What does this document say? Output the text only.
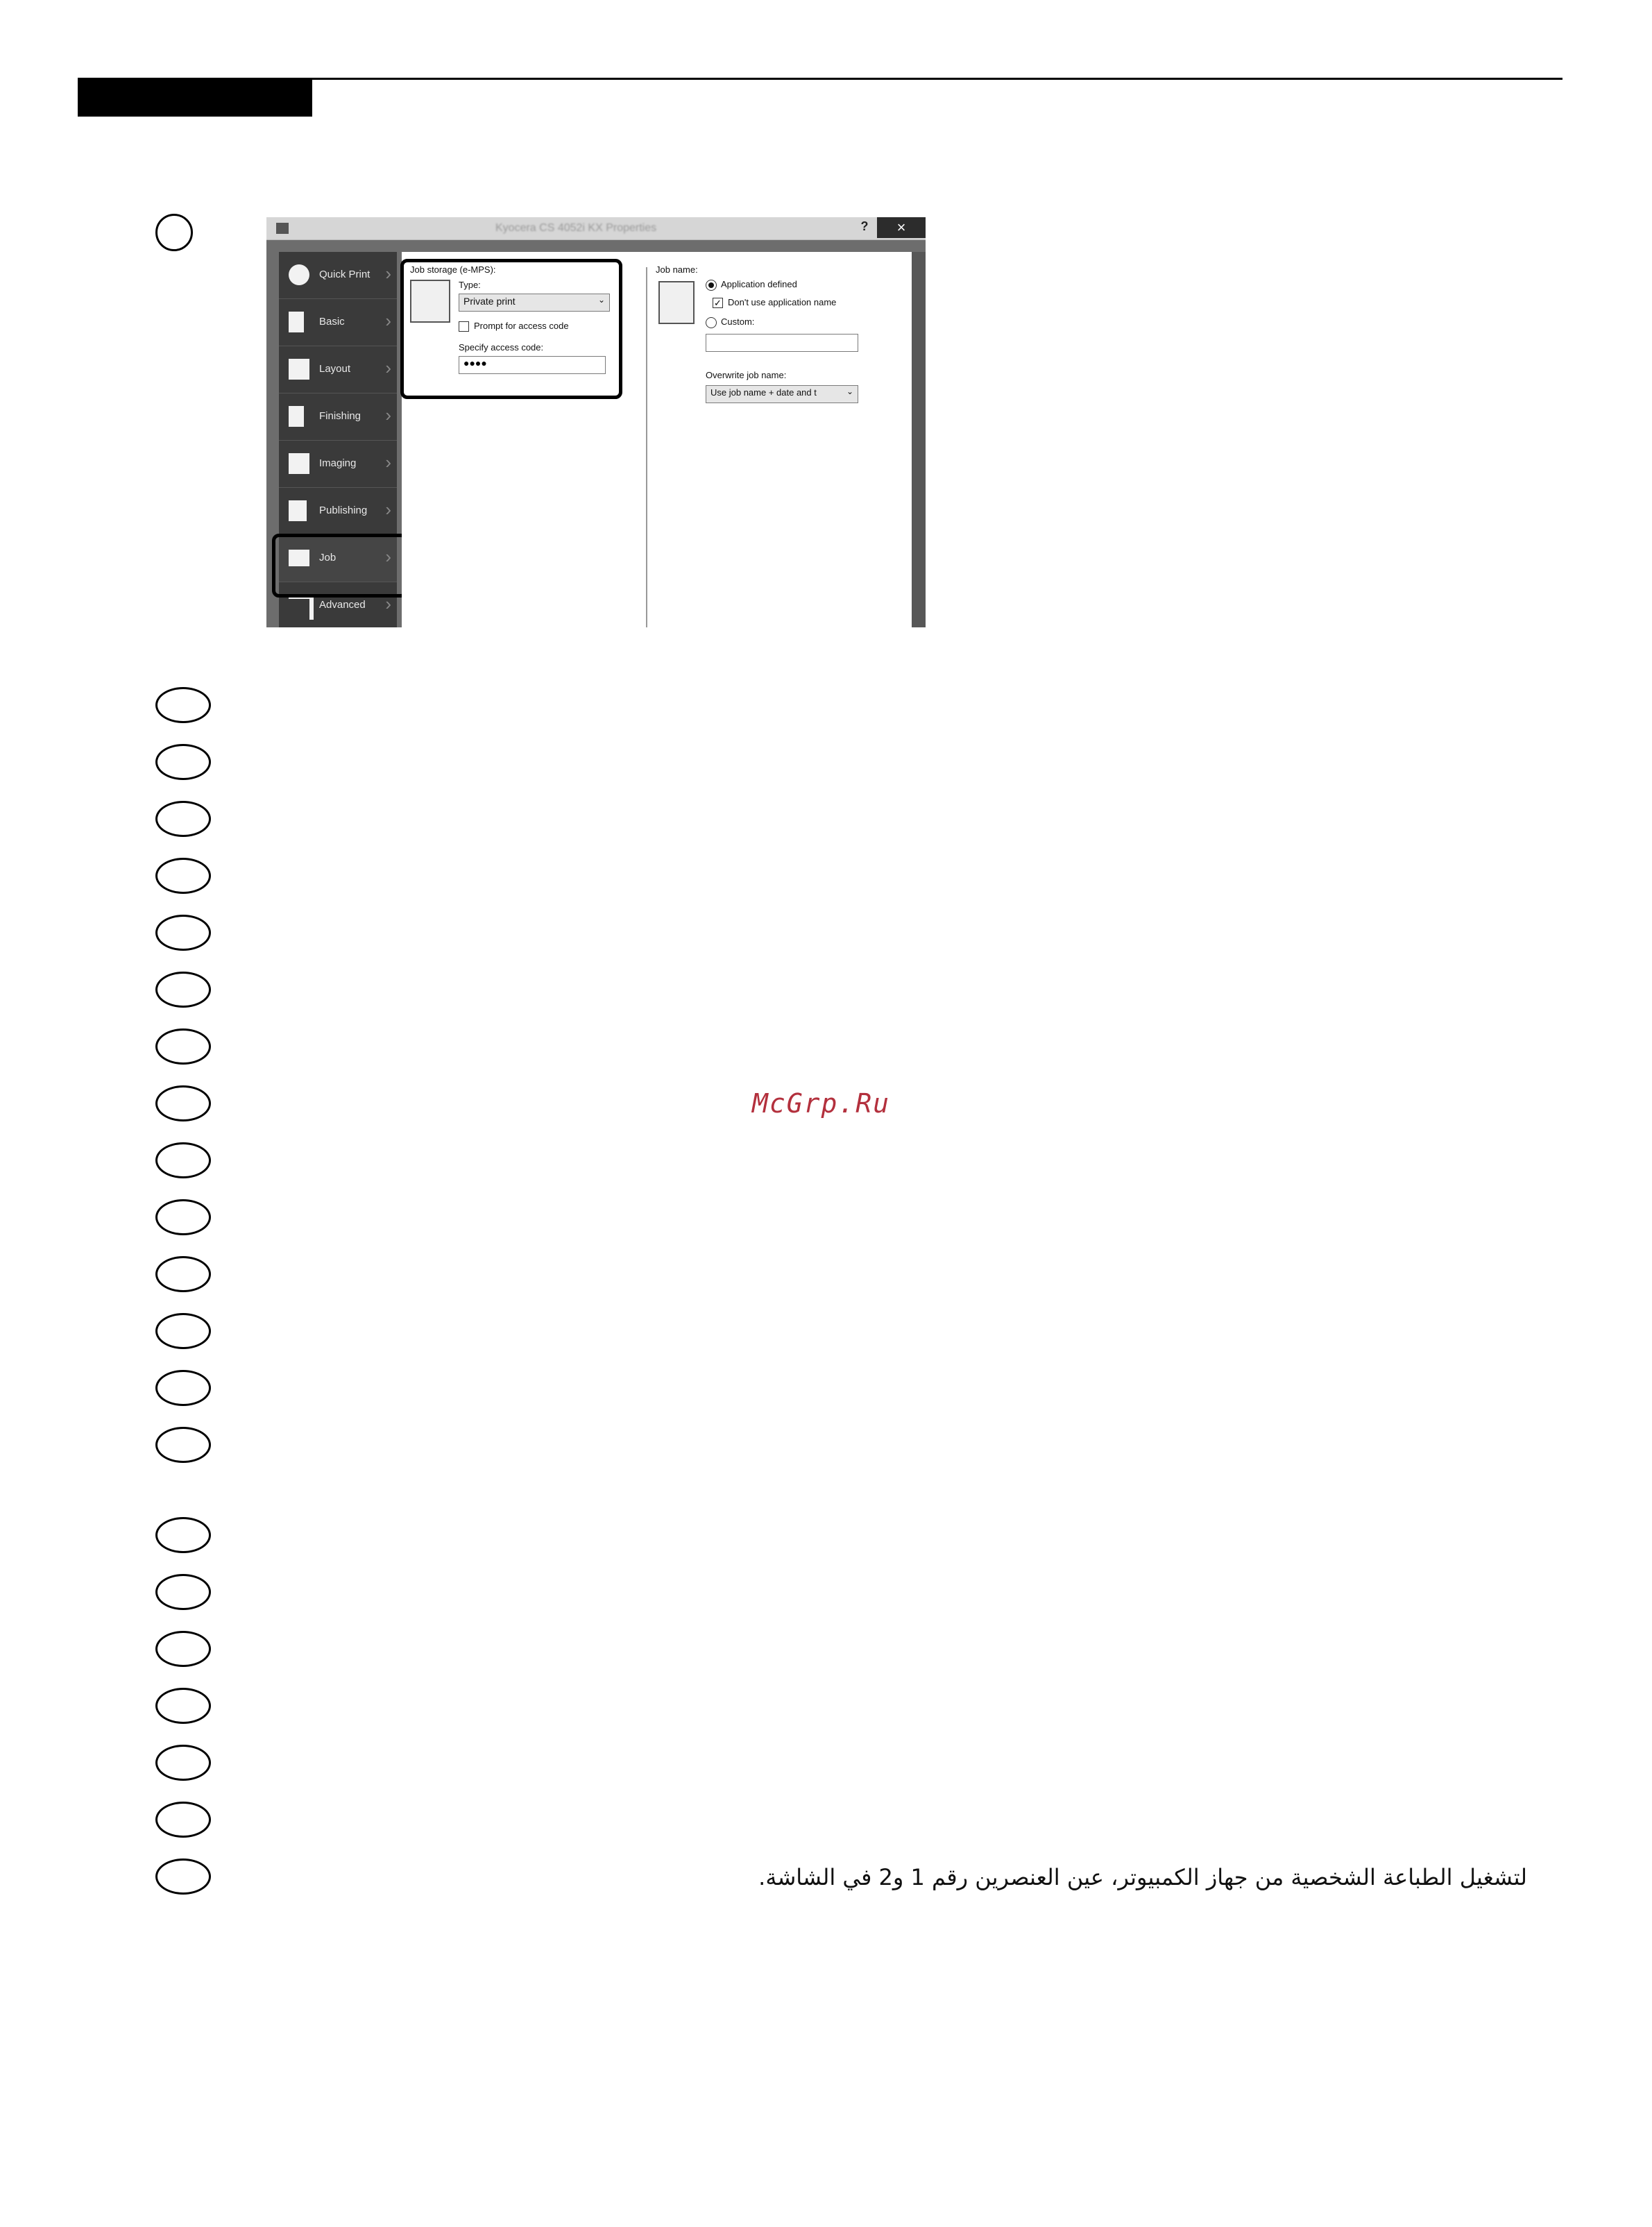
Kyocera CS 4052i KX Properties	?	×
Quick Print ›
Basic ›
Layout ›
Finishing ›
Imaging ›
Publishing ›
Job	›
Advanced ›
Job storage (e-MPS):
Type:
Private print	⌄
Prompt for access code
Specify access code:
●●●●
Job name:
Application defined
✓ Don't use application name
Custom:
Overwrite job name:
Use job name + date and t	⌄
McGrp.Ru
لتشغيل الطباعة الشخصية من جهاز الكمبيوتر، عين العنصرين رقم 1 و2 في الشاشة.
